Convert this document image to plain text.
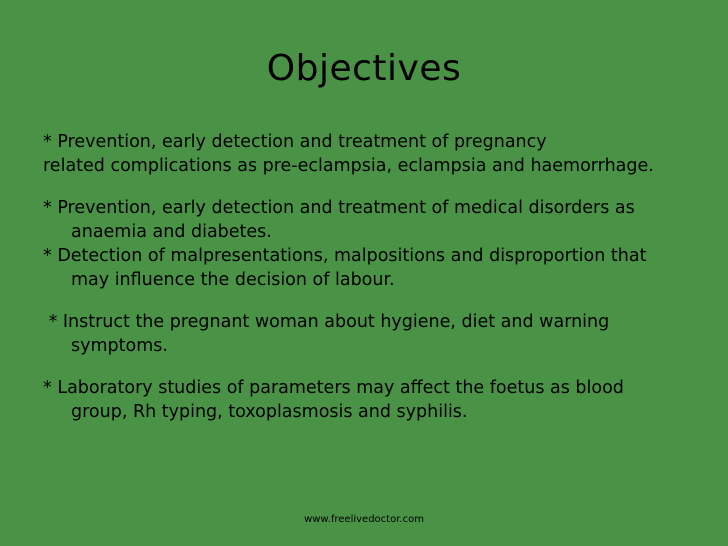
Objectives

* Prevention, early detection and treatment of pregnancy
related complications as pre-eclampsia, eclampsia and haemorrhage.

* Prevention, early detection and treatment of medical disorders as
anaemia and diabetes.

* Detection of malpresentations, malpositions and disproportion that
may influence the decision of labour.

* Instruct the pregnant woman about hygiene, diet and warning
symptoms.

* Laboratory studies of parameters may affect the foetus as blood
group, Rh typing, toxoplasmosis and syphilis.

www.freelivedoctor.com
